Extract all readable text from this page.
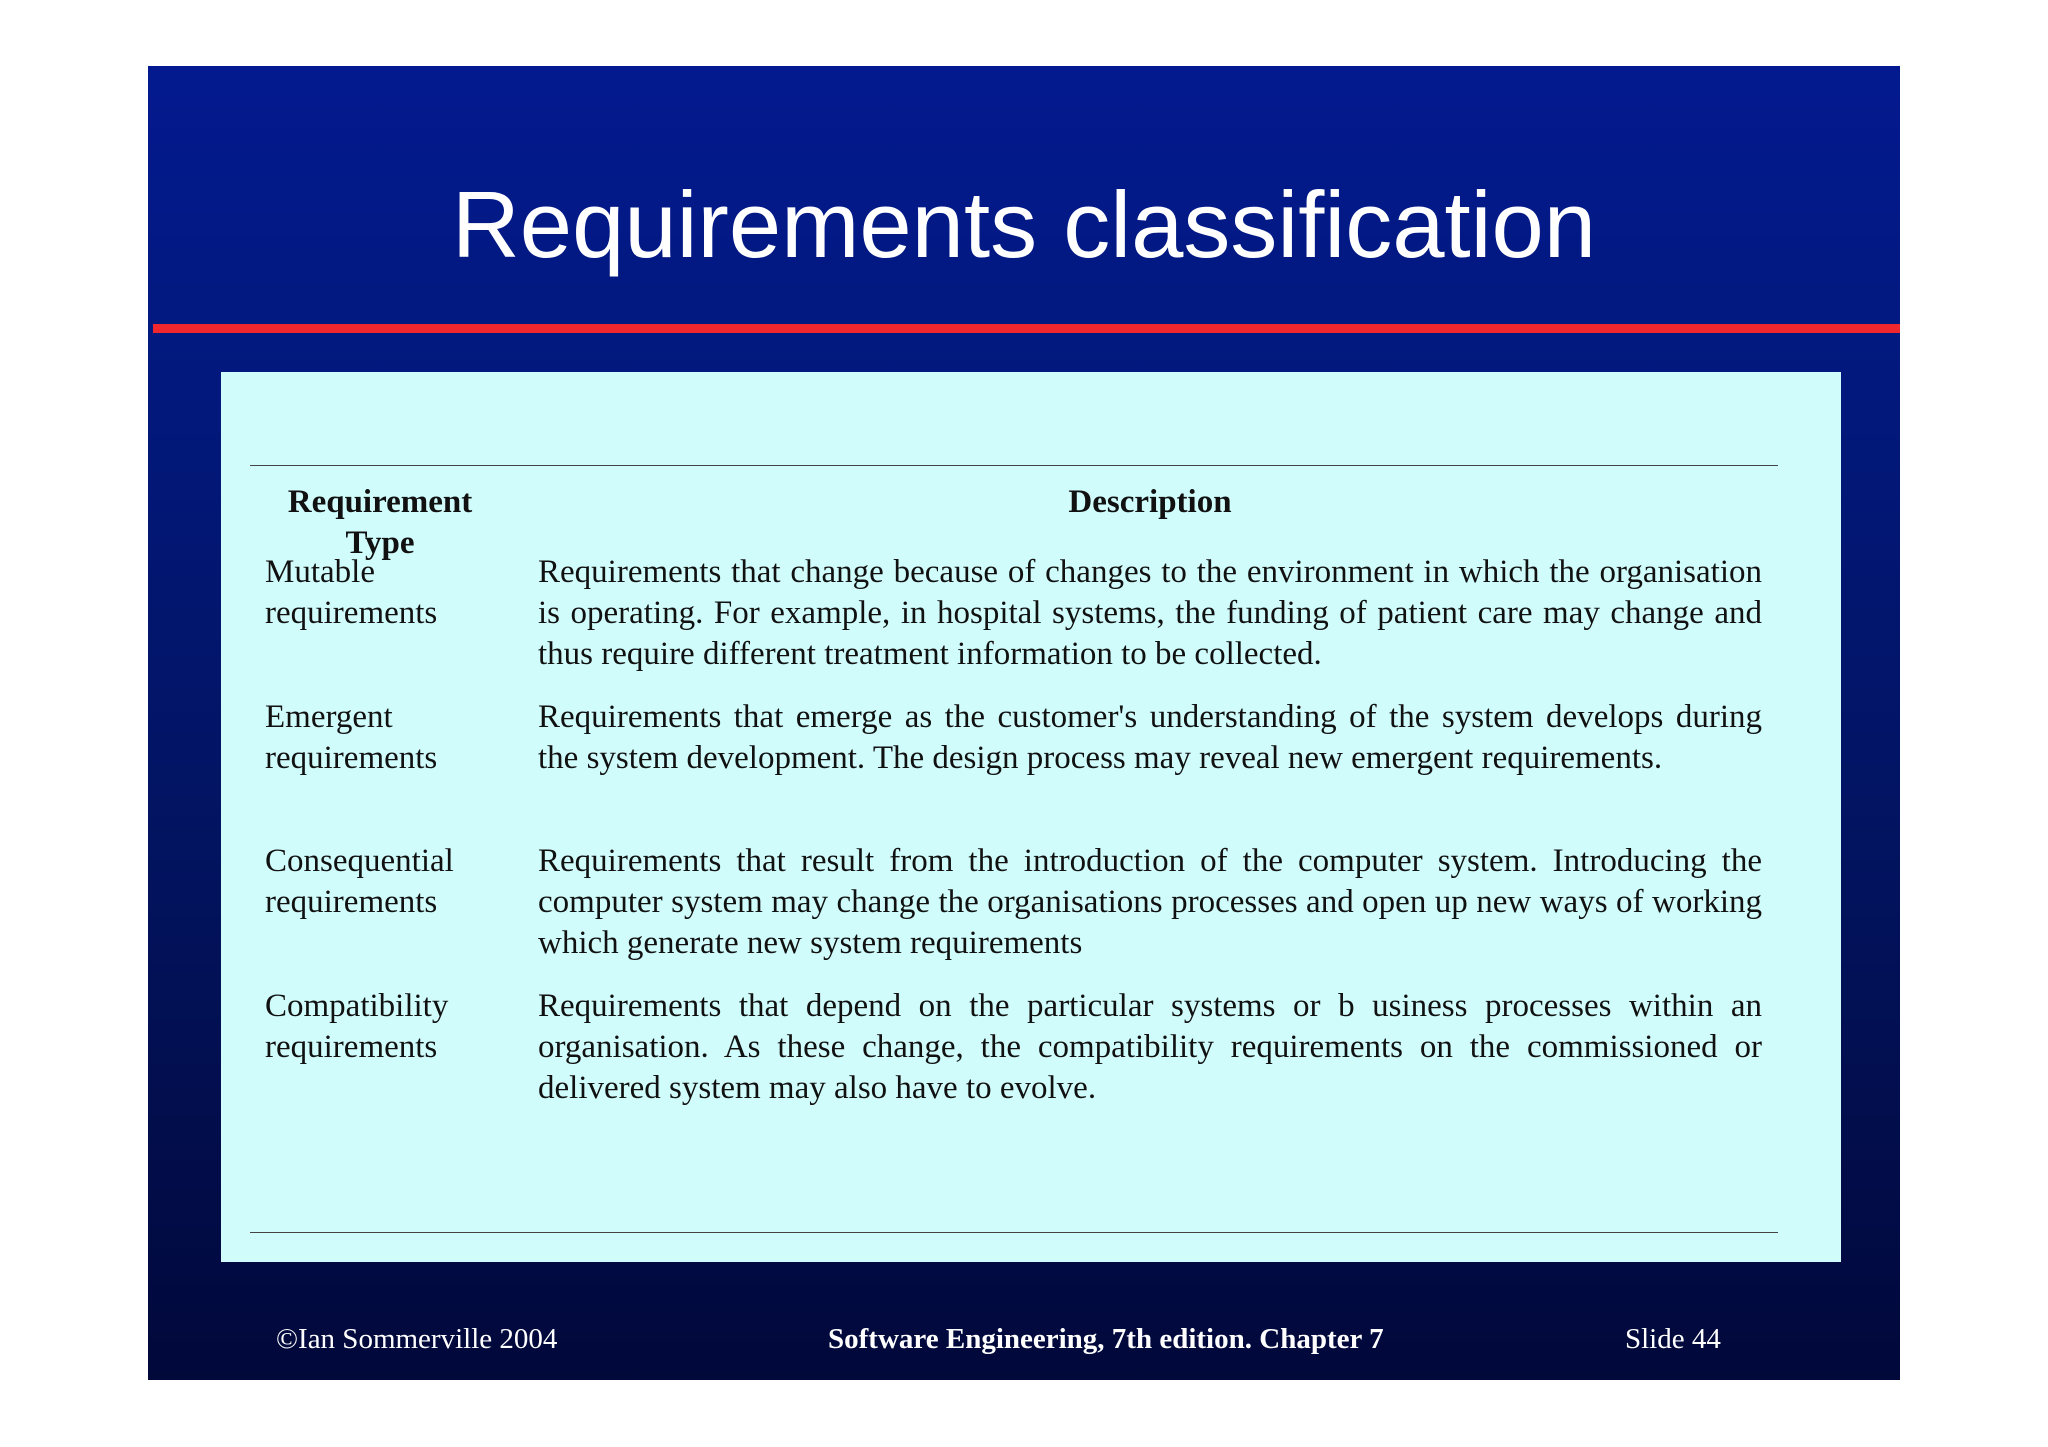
Requirements classification
Requirement Type
Description
Mutable requirements
Requirements that change because of changes to the environment in which the organisation is operating. For example, in hospital systems, the funding of patient care may change and thus require different treatment information to be collected.
Emergent requirements
Requirements that emerge as the customer's understanding of the system develops during the system development. The design process may reveal new emergent requirements.
Consequential requirements
Requirements that result from the introduction of the computer system. Introducing the computer system may change the organisations processes and open up new ways of working which generate new system requirements
Compatibility requirements
Requirements that depend on the particular systems or b usiness processes within an organisation. As these change, the compatibility requirements on the commissioned or delivered system may also have to evolve.
©Ian Sommerville 2004	Software Engineering, 7th edition. Chapter 7	Slide 44
